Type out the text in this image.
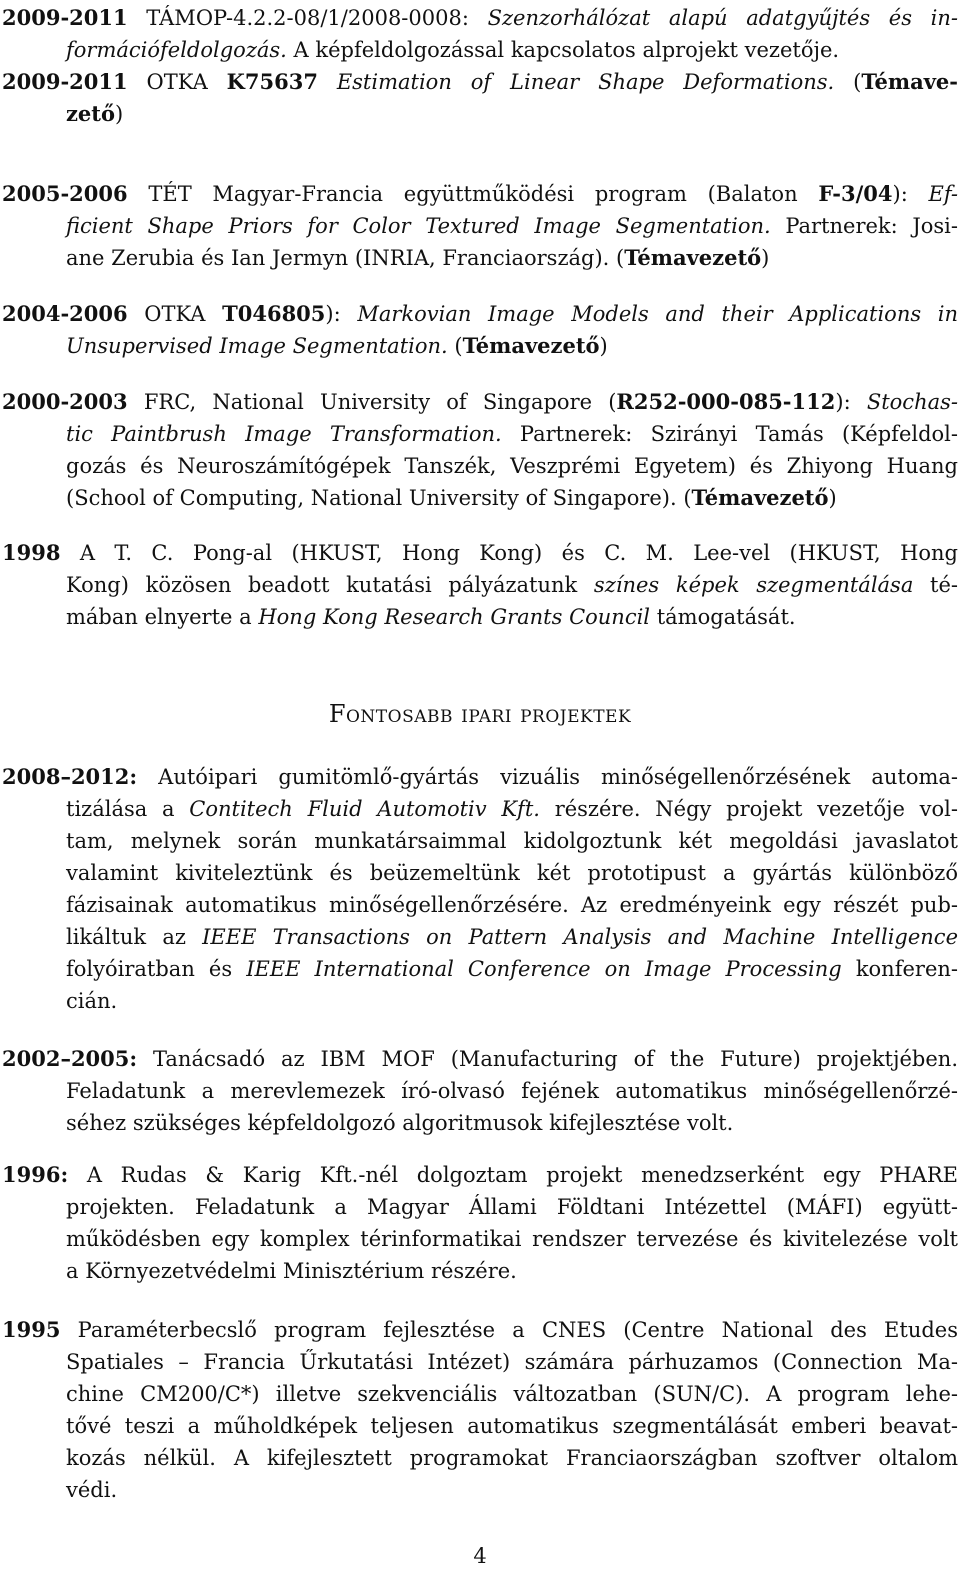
2009-2011 TÁMOP-4.2.2-08/1/2008-0008: Szenzorhálózat alapú adatgyűjtés és in-
formációfeldolgozás. A képfeldolgozással kapcsolatos alprojekt vezetője.
2009-2011 OTKA K75637 Estimation of Linear Shape Deformations. (Témave-
zető)
2005-2006 TÉT Magyar-Francia együttműködési program (Balaton F-3/04): Ef-
ficient Shape Priors for Color Textured Image Segmentation. Partnerek: Josi-
ane Zerubia és Ian Jermyn (INRIA, Franciaország). (Témavezető)
2004-2006 OTKA T046805): Markovian Image Models and their Applications in
Unsupervised Image Segmentation. (Témavezető)
2000-2003 FRC, National University of Singapore (R252-000-085-112): Stochas-
tic Paintbrush Image Transformation. Partnerek: Szirányi Tamás (Képfeldol-
gozás és Neuroszámítógépek Tanszék, Veszprémi Egyetem) és Zhiyong Huang
(School of Computing, National University of Singapore). (Témavezető)
1998 A T. C. Pong-al (HKUST, Hong Kong) és C. M. Lee-vel (HKUST, Hong
Kong) közösen beadott kutatási pályázatunk színes képek szegmentálása té-
mában elnyerte a Hong Kong Research Grants Council támogatását.
Fontosabb ipari projektek
2008–2012: Autóipari gumitömlő-gyártás vizuális minőségellenőrzésének automa-
tizálása a Contitech Fluid Automotiv Kft. részére. Négy projekt vezetője vol-
tam, melynek során munkatársaimmal kidolgoztunk két megoldási javaslatot
valamint kiviteleztünk és beüzemeltünk két prototipust a gyártás különböző
fázisainak automatikus minőségellenőrzésére. Az eredményeink egy részét pub-
likáltuk az IEEE Transactions on Pattern Analysis and Machine Intelligence
folyóiratban és IEEE International Conference on Image Processing konferen-
cián.
2002–2005: Tanácsadó az IBM MOF (Manufacturing of the Future) projektjében.
Feladatunk a merevlemezek író-olvasó fejének automatikus minőségellenőrzé-
séhez szükséges képfeldolgozó algoritmusok kifejlesztése volt.
1996: A Rudas & Karig Kft.-nél dolgoztam projekt menedzserként egy PHARE
projekten. Feladatunk a Magyar Állami Földtani Intézettel (MÁFI) együtt-
működésben egy komplex térinformatikai rendszer tervezése és kivitelezése volt
a Környezetvédelmi Minisztérium részére.
1995 Paraméterbecslő program fejlesztése a CNES (Centre National des Etudes
Spatiales – Francia Űrkutatási Intézet) számára párhuzamos (Connection Ma-
chine CM200/C*) illetve szekvenciális változatban (SUN/C). A program lehe-
tővé teszi a műholdképek teljesen automatikus szegmentálását emberi beavat-
kozás nélkül. A kifejlesztett programokat Franciaországban szoftver oltalom
védi.
4
